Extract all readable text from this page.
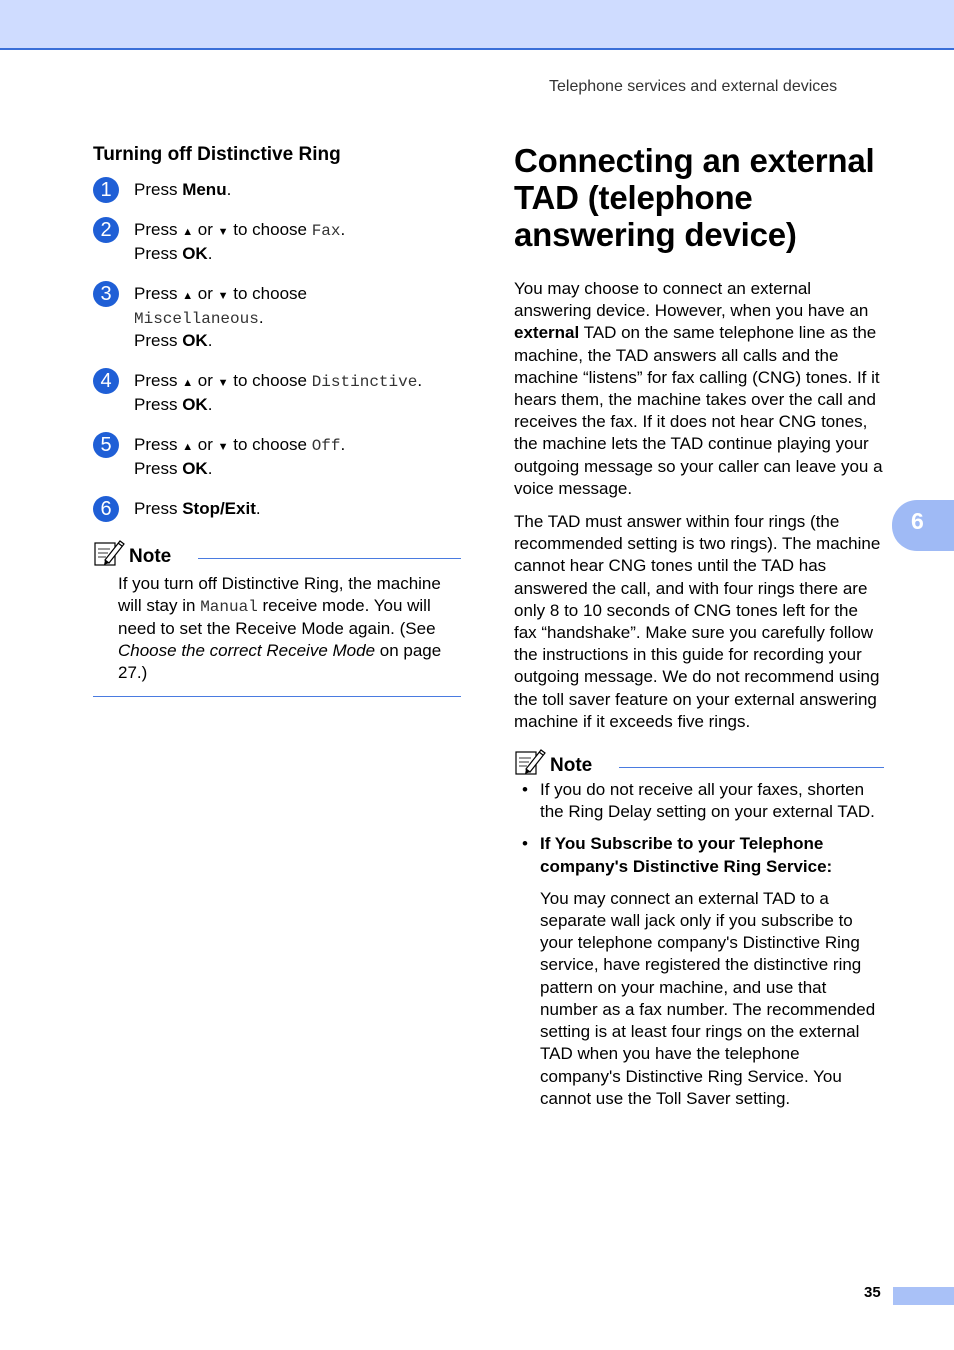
Telephone services and external devices
Turning off Distinctive Ring
1	Press Menu.
2	Press ▲ or ▼ to choose Fax.
Press OK.
3	Press ▲ or ▼ to choose
Miscellaneous.
Press OK.
4	Press ▲ or ▼ to choose Distinctive.
Press OK.
5	Press ▲ or ▼ to choose Off.
Press OK.
6	Press Stop/Exit.
Note
If you turn off Distinctive Ring, the machine will stay in Manual receive mode. You will need to set the Receive Mode again. (See Choose the correct Receive Mode on page 27.)
Connecting an external TAD (telephone answering device)

You may choose to connect an external answering device. However, when you have an external TAD on the same telephone line as the machine, the TAD answers all calls and the machine “listens” for fax calling (CNG) tones. If it hears them, the machine takes over the call and receives the fax. If it does not hear CNG tones, the machine lets the TAD continue playing your outgoing message so your caller can leave you a voice message.

The TAD must answer within four rings (the recommended setting is two rings). The machine cannot hear CNG tones until the TAD has answered the call, and with four rings there are only 8 to 10 seconds of CNG tones left for the fax “handshake”. Make sure you carefully follow the instructions in this guide for recording your outgoing message. We do not recommend using the toll saver feature on your external answering machine if it exceeds five rings.

Note
• If you do not receive all your faxes, shorten the Ring Delay setting on your external TAD.
• If You Subscribe to your Telephone company's Distinctive Ring Service:

You may connect an external TAD to a separate wall jack only if you subscribe to your telephone company's Distinctive Ring service, have registered the distinctive ring pattern on your machine, and use that number as a fax number. The recommended setting is at least four rings on the external TAD when you have the telephone company's Distinctive Ring Service. You cannot use the Toll Saver setting.

6
35
